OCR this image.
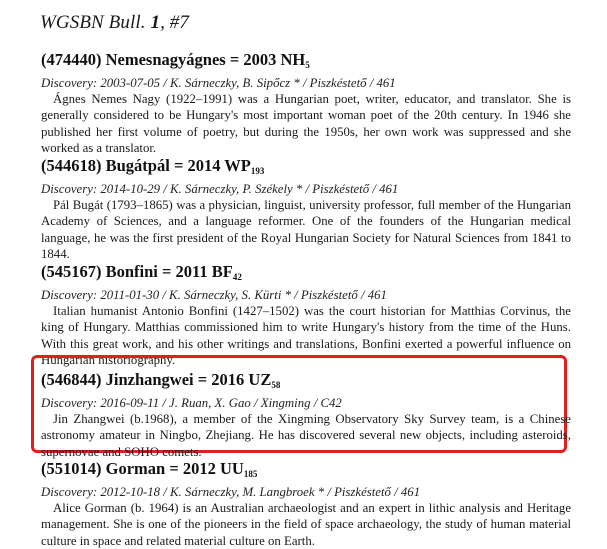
WGSBN Bull. 1, #7
(474440) Nemesnagyágnes = 2003 $NH_5$
Discovery: 2003-07-05 / K. Sárneczky, B. Sipőcz * / Piszkéstető / 461

Ágnes Nemes Nagy (1922–1991) was a Hungarian poet, writer, educator, and translator. She is generally considered to be Hungary's most important woman poet of the 20th century. In 1946 she published her first volume of poetry, but during the 1950s, her own work was suppressed and she worked as a translator.

(544618) Bugátpál = 2014 $WP_{193}$
Discovery: 2014-10-29 / K. Sárneczky, P. Székely * / Piszkéstető / 461

Pál Bugát (1793–1865) was a physician, linguist, university professor, full member of the Hungarian Academy of Sciences, and a language reformer. One of the founders of the Hungarian medical language, he was the first president of the Royal Hungarian Society for Natural Sciences from 1841 to 1844.

(545167) Bonfini = 2011 $BF_{42}$
Discovery: 2011-01-30 / K. Sárneczky, S. Kürti * / Piszkéstető / 461

Italian humanist Antonio Bonfini (1427–1502) was the court historian for Matthias Corvinus, the king of Hungary. Matthias commissioned him to write Hungary's history from the time of the Huns. With this great work, and his other writings and translations, Bonfini exerted a powerful influence on Hungarian historiography.

(546844) Jinzhangwei = 2016 $UZ_{58}$
Discovery: 2016-09-11 / J. Ruan, X. Gao / Xingming / C42

Jin Zhangwei (b.1968), a member of the Xingming Observatory Sky Survey team, is a Chinese astronomy amateur in Ningbo, Zhejiang. He has discovered several new objects, including asteroids, supernovae and SOHO comets.

(551014) Gorman = 2012 $UU_{185}$
Discovery: 2012-10-18 / K. Sárneczky, M. Langbroek * / Piszkéstető / 461

Alice Gorman (b. 1964) is an Australian archaeologist and an expert in lithic analysis and Heritage management. She is one of the pioneers in the field of space archaeology, the study of human material culture in space and related material culture on Earth.
